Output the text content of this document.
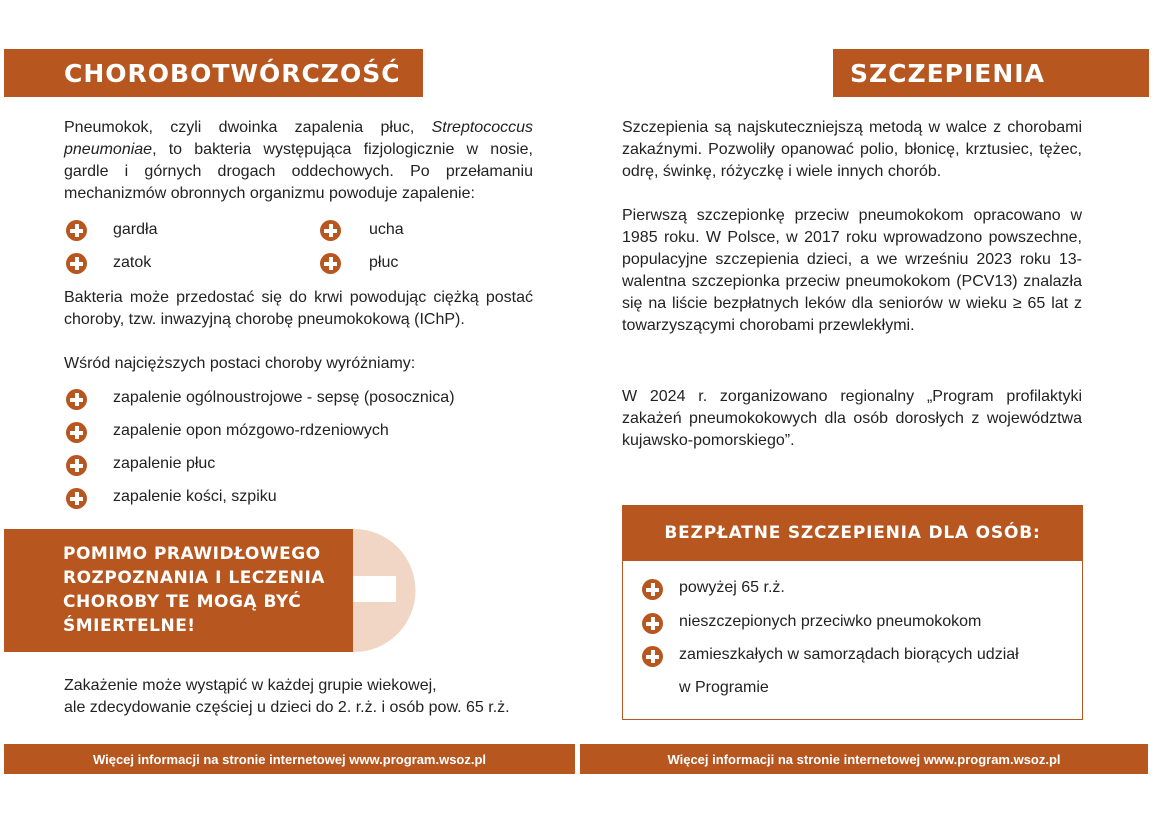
CHOROBOTWÓRCZOŚĆ
Pneumokok, czyli dwoinka zapalenia płuc, Streptococcus pneumoniae, to bakteria występująca fizjologicznie w nosie, gardle i górnych drogach oddechowych. Po przełamaniu mechanizmów obronnych organizmu powoduje zapalenie:
gardła
zatok
ucha
płuc
Bakteria może przedostać się do krwi powodując ciężką postać choroby, tzw. inwazyjną chorobę pneumokokową (IChP).
Wśród najcięższych postaci choroby wyróżniamy:
zapalenie ogólnoustrojowe - sepsę (posocznica)
zapalenie opon mózgowo-rdzeniowych
zapalenie płuc
zapalenie kości, szpiku
POMIMO PRAWIDŁOWEGO
ROZPOZNANIA I LECZENIA
CHOROBY TE MOGĄ BYĆ
ŚMIERTELNE!
Zakażenie może wystąpić w każdej grupie wiekowej,
ale zdecydowanie częściej u dzieci do 2. r.ż. i osób pow. 65 r.ż.
Więcej informacji na stronie internetowej www.program.wsoz.pl
SZCZEPIENIA
Szczepienia są najskuteczniejszą metodą w walce z chorobami zakaźnymi. Pozwoliły opanować polio, błonicę, krztusiec, tężec, odrę, świnkę, różyczkę i wiele innych chorób.
Pierwszą szczepionkę przeciw pneumokokom opracowano w 1985 roku. W Polsce, w 2017 roku wprowadzono powszechne, populacyjne szczepienia dzieci, a we wrześniu 2023 roku 13-walentna szczepionka przeciw pneumokokom (PCV13) znalazła się na liście bezpłatnych leków dla seniorów w wieku ≥ 65 lat z towarzyszącymi chorobami przewlekłymi.
W 2024 r. zorganizowano regionalny „Program profilaktyki zakażeń pneumokokowych dla osób dorosłych z województwa kujawsko-pomorskiego”.
BEZPŁATNE SZCZEPIENIA DLA OSÓB:
powyżej 65 r.ż.
nieszczepionych przeciwko pneumokokom
zamieszkałych w samorządach biorących udział
w Programie
Więcej informacji na stronie internetowej www.program.wsoz.pl
